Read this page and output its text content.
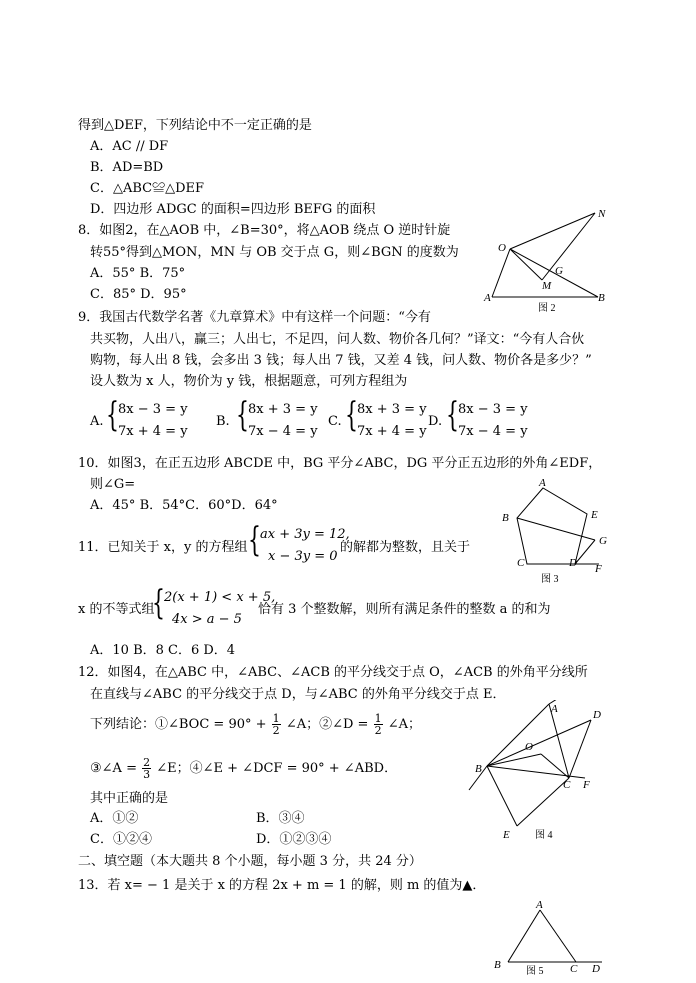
得到△DEF，下列结论中不一定正确的是
A．AC // DF
B．AD=BD
C．△ABC≌△DEF
D．四边形 ADGC 的面积=四边形 BEFG 的面积
8．如图2，在△AOB 中，∠B=30°，将△AOB 绕点 O 逆时针旋
转55°得到△MON，MN 与 OB 交于点 G，则∠BGN 的度数为
A．55° B．75°
C．85° D．95°
N
O
G
M
A	B
图 2
9．我国古代数学名著《九章算术》中有这样一个问题：“今有
共买物，人出八，赢三；人出七，不足四，问人数、物价各几何？”译文：“今有人合伙
购物，每人出 8 钱，会多出 3 钱；每人出 7 钱，又差 4 钱，问人数、物价各是多少？”
设人数为 x 人，物价为 y 钱，根据题意，可列方程组为
A. { 8x − 3 = y
7x + 4 = y
B. { 8x + 3 = y
7x − 4 = y
C. { 8x + 3 = y
7x + 4 = y
D. { 8x − 3 = y
7x − 4 = y
10．如图3，在正五边形 ABCDE 中，BG 平分∠ABC，DG 平分正五边形的外角∠EDF，
则∠G=
A．45° B．54°C．60°D．64°
A
B	E
G
C	D F
图 3
11．已知关于 x，y 的方程组 { ax + 3y = 12,
x − 3y = 0
的解都为整数，且关于
x 的不等式组
{ 2(x + 1) < x + 5,
4x > a − 5
恰有 3 个整数解，则所有满足条件的整数 a 的和为
A．10 B．8 C．6 D．4
12．如图4，在△ABC 中，∠ABC、∠ACB 的平分线交于点 O，∠ACB 的外角平分线所
在直线与∠ABC 的平分线交于点 D，与∠ABC 的外角平分线交于点 E．
下列结论：①∠BOC = $90^\circ + \frac{1}{2}$ ∠A；②∠D = $\frac{1}{2}$ ∠A；
③∠A = $\frac{2}{3}$ ∠E；④∠E + ∠DCF = 90° + ∠ABD．
其中正确的是
A．①②	B．③④
C．①②④	D．①②③④
A	D
O
B
C F
E	图 4
二、填空题（本大题共 8 个小题，每小题 3 分，共 24 分）
13．若 x= − 1 是关于 x 的方程 2x + m = 1 的解，则 m 的值为▲．
A
B	C D
图 5
